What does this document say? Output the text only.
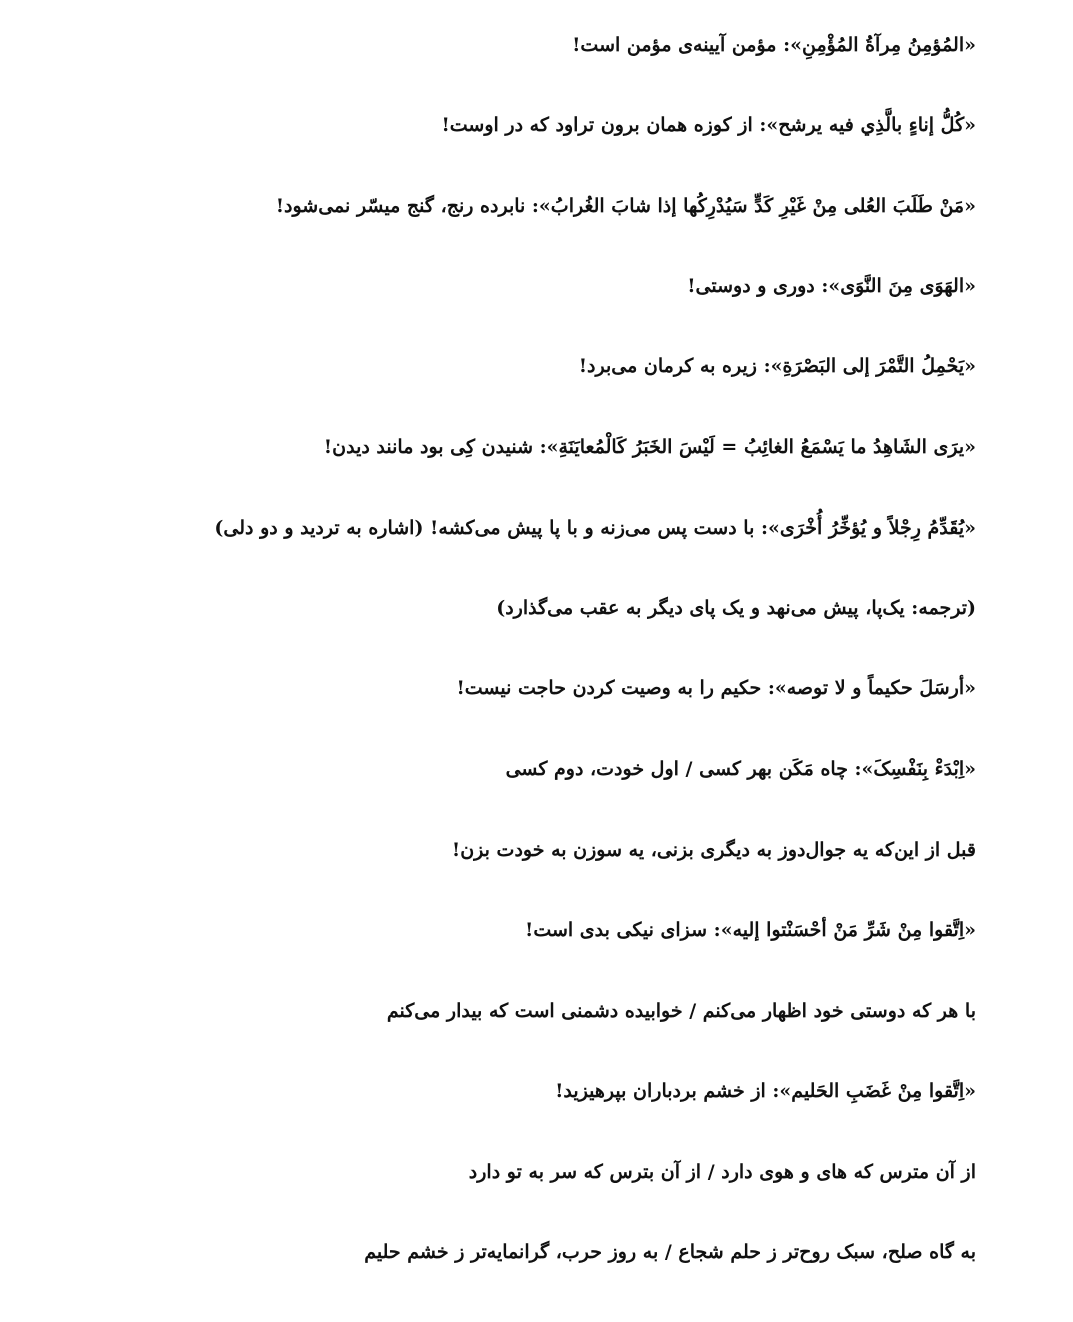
«المُؤمِنُ مِرآةُ المُؤْمِنِ»: مؤمن آیینه‌ی مؤمن است!
«كُلُّ إناءٍ بالَّذِي فيه يرشح»: از کوزه همان برون تراود که در اوست!
«مَنْ طَلَبَ العُلى مِنْ غَيْرِ كَدٍّ سَيُدْرِكُها إذا شابَ الغُرابُ»: نابرده رنج، گنج میسّر نمی‌شود!
«الهَوَى مِنَ النَّوَى»: دوری و دوستی!
«يَحْمِلُ التَّمْرَ إلى البَصْرَةِ»: زیره به کرمان می‌برد!
«يرَى الشَاهِدُ ما يَسْمَعُ الغائِبُ = لَيْسَ الخَبَرُ كَالْمُعايَنَةِ»: شنیدن کِی بود مانند دیدن!
«يُقَدِّمُ رِجْلاً و يُؤخِّرُ أُخْرَى»: با دست پس می‌زنه و با پا پیش می‌کشه! (اشاره به تردید و دو دلی)
(ترجمه: یک‌پا، پیش می‌نهد و یک پای دیگر به عقب می‌گذارد)
«أرسَلَ حكيماً و لا توصه»: حکیم را به وصیت کردن حاجت نیست!
«اِبْدَءْ بِنَفْسِکَ»: چاه مَکَن بهر کسی / اول خودت، دوم کسی
قبل از این‌که یه جوال‌دوز به دیگری بزنی، یه سوزن به خودت بزن!
«اِتَّقوا مِنْ شَرِّ مَنْ أحْسَنْتوا إليه»: سزای نیکی بدی است!
با هر که دوستی خود اظهار می‌کنم / خوابیده دشمنی است که بیدار می‌کنم
«اِتَّقوا مِنْ غَضَبِ الحَليم»: از خشم بردباران بپرهیزید!
از آن مترس که های و هوی دارد / از آن بترس که سر به تو دارد
به گاه صلح، سبک روح‌تر ز حلم شجاع / به روز حرب، گرانمایه‌تر ز خشم حلیم
